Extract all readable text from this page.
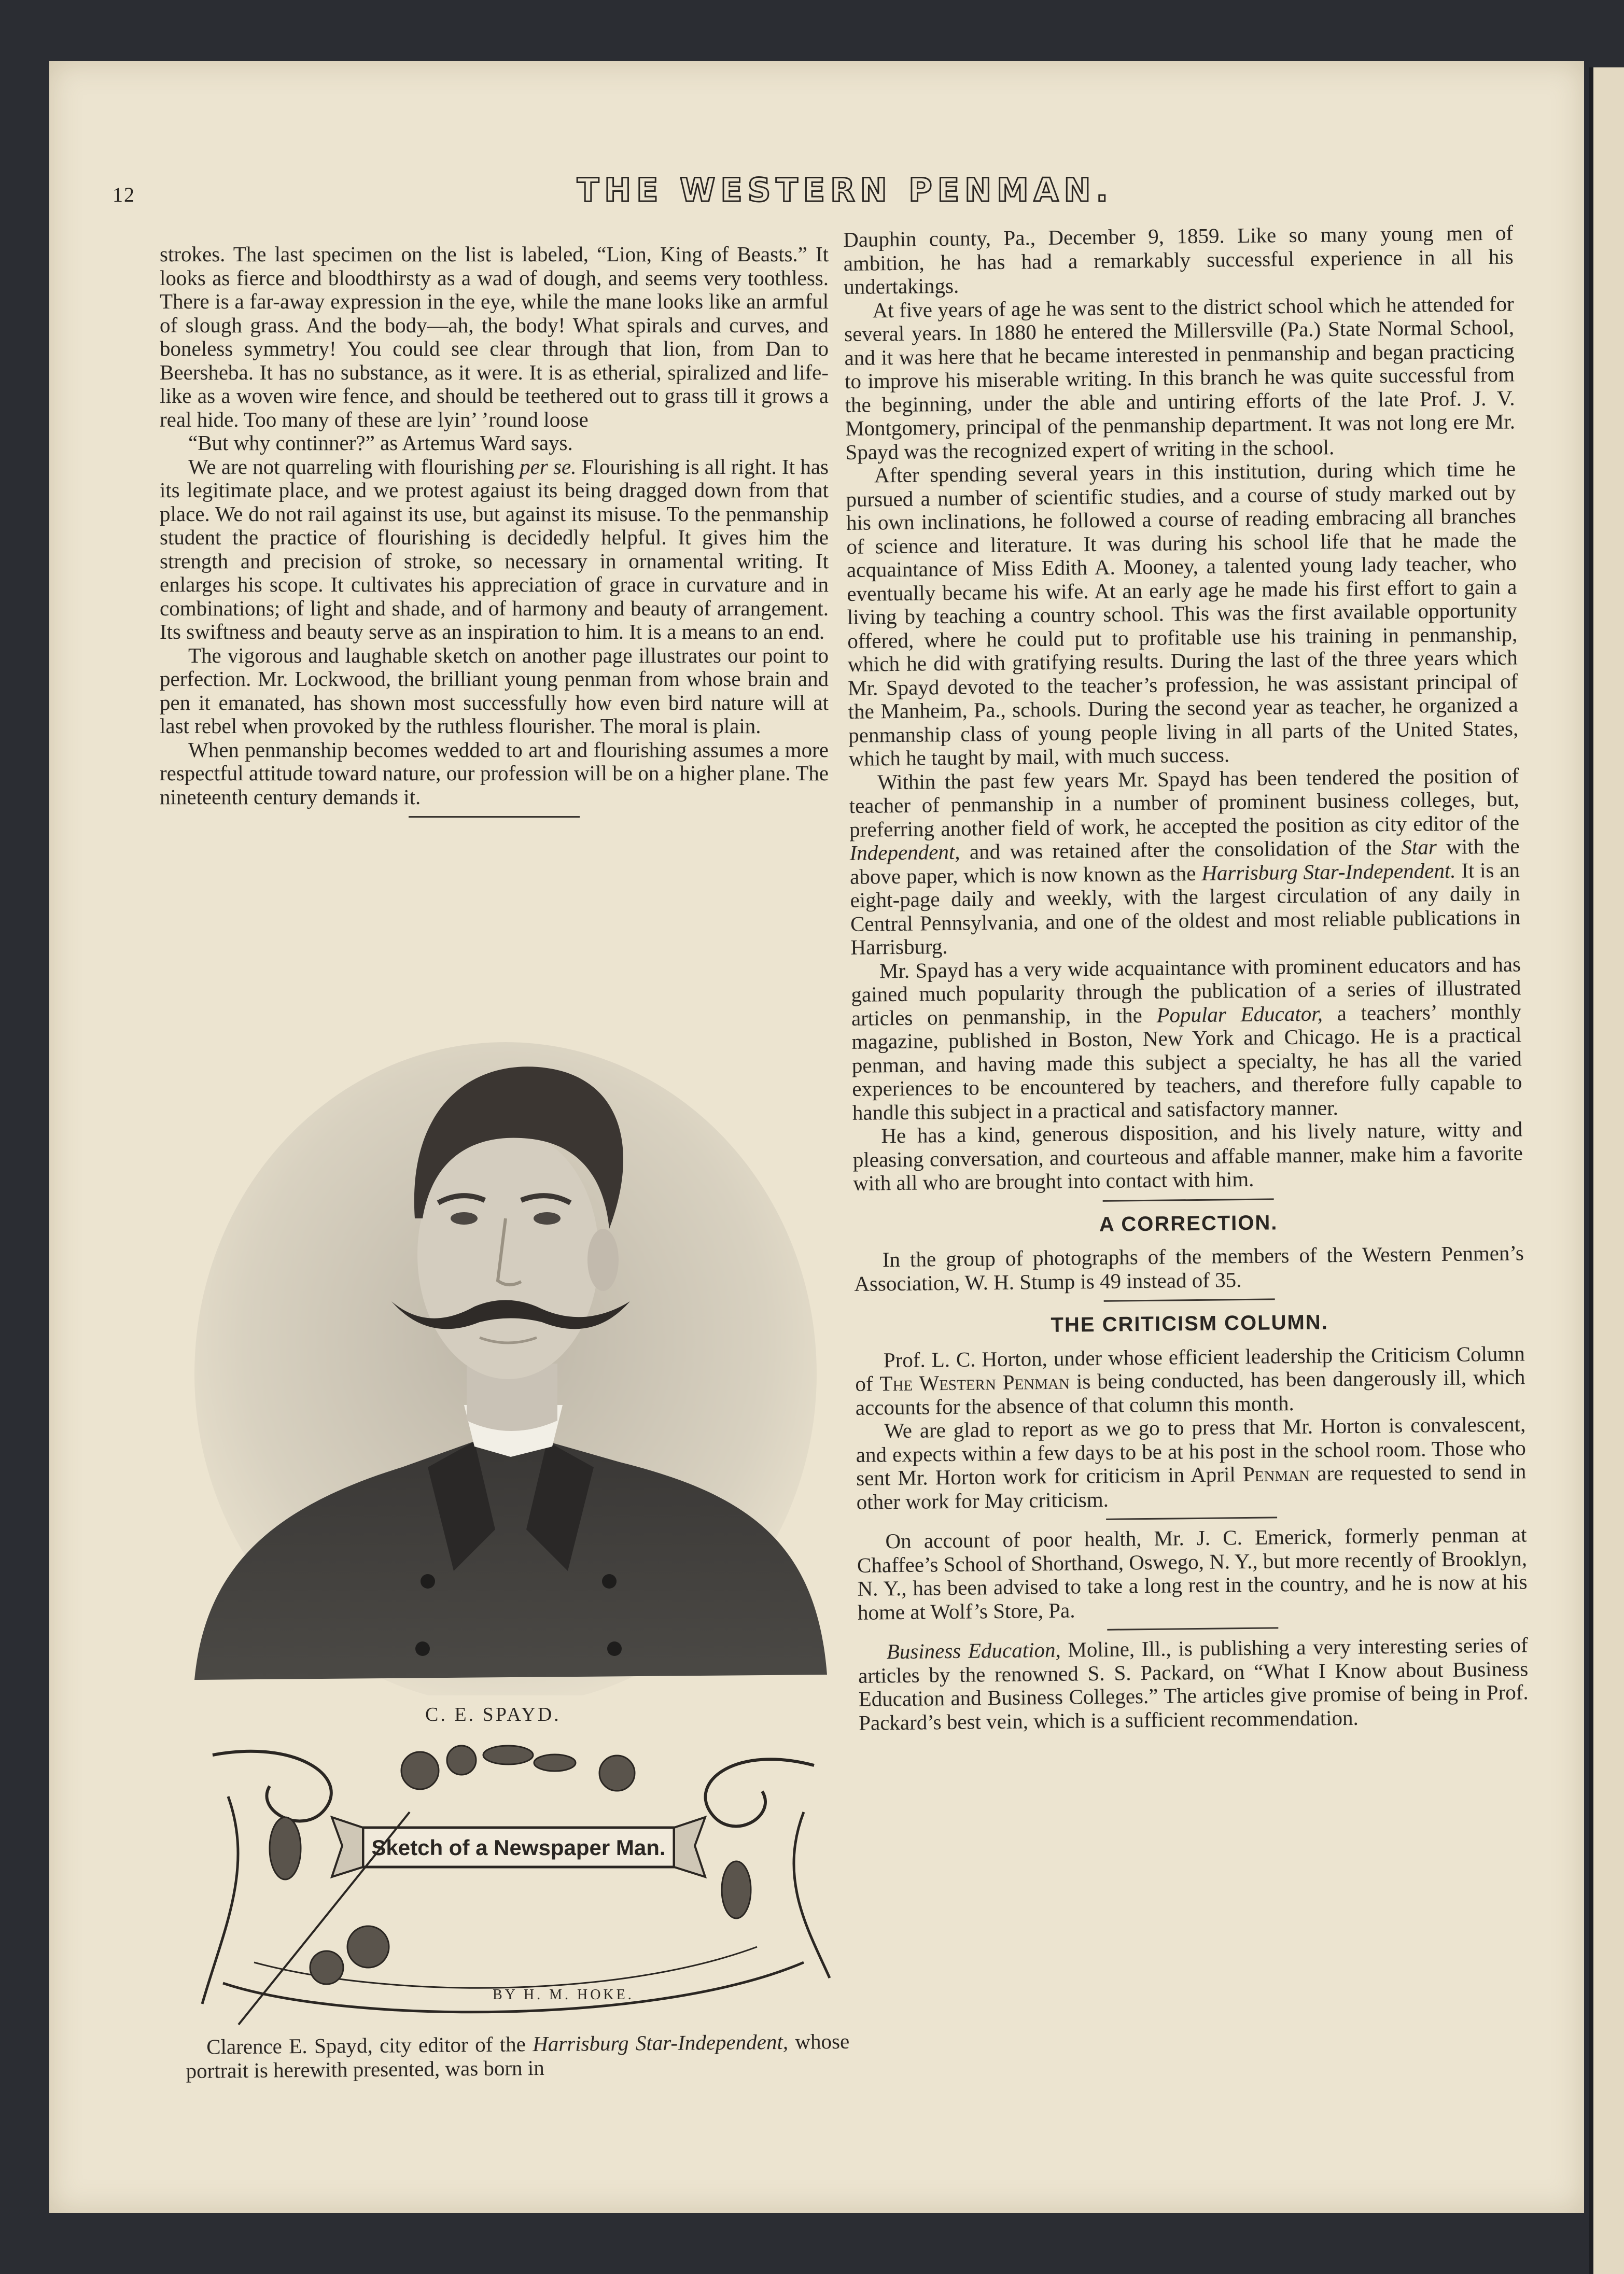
12	THE WESTERN PENMAN.

strokes. The last specimen on the list is labeled, “Lion, King of Beasts.” It looks as fierce and bloodthirsty as a wad of dough, and seems very toothless. There is a far-away expression in the eye, while the mane looks like an armful of slough grass. And the body—ah, the body! What spirals and curves, and boneless symmetry! You could see clear through that lion, from Dan to Beersheba. It has no substance, as it were. It is as etherial, spiralized and life-like as a woven wire fence, and should be teethered out to grass till it grows a real hide. Too many of these are lyin’ ’round loose

“But why continner?” as Artemus Ward says.

We are not quarreling with flourishing per se. Flourishing is all right. It has its legitimate place, and we protest agaiust its being dragged down from that place. We do not rail against its use, but against its misuse. To the penmanship student the practice of flourishing is decidedly helpful. It gives him the strength and precision of stroke, so necessary in ornamental writing. It enlarges his scope. It cultivates his appreciation of grace in curvature and in combinations; of light and shade, and of harmony and beauty of arrangement. Its swiftness and beauty serve as an inspiration to him. It is a means to an end.

The vigorous and laughable sketch on another page illustrates our point to perfection. Mr. Lockwood, the brilliant young penman from whose brain and pen it emanated, has shown most successfully how even bird nature will at last rebel when provoked by the ruthless flourisher. The moral is plain.

When penmanship becomes wedded to art and flourishing assumes a more respectful attitude toward nature, our profession will be on a higher plane. The nineteenth century demands it.

C. E. SPAYD.
Sketch of a Newspaper Man.
BY H. M. HOKE.

Clarence E. Spayd, city editor of the Harrisburg Star-Independent, whose portrait is herewith presented, was born in

Dauphin county, Pa., December 9, 1859. Like so many young men of ambition, he has had a remarkably successful experience in all his undertakings.

At five years of age he was sent to the district school which he attended for several years. In 1880 he entered the Millersville (Pa.) State Normal School, and it was here that he became interested in penmanship and began practicing to improve his miserable writing. In this branch he was quite successful from the beginning, under the able and untiring efforts of the late Prof. J. V. Montgomery, principal of the penmanship department. It was not long ere Mr. Spayd was the recognized expert of writing in the school.

After spending several years in this institution, during which time he pursued a number of scientific studies, and a course of study marked out by his own inclinations, he followed a course of reading embracing all branches of science and literature. It was during his school life that he made the acquaintance of Miss Edith A. Mooney, a talented young lady teacher, who eventually became his wife. At an early age he made his first effort to gain a living by teaching a country school. This was the first available opportunity offered, where he could put to profitable use his training in penmanship, which he did with gratifying results. During the last of the three years which Mr. Spayd devoted to the teacher’s profession, he was assistant principal of the Manheim, Pa., schools. During the second year as teacher, he organized a penmanship class of young people living in all parts of the United States, which he taught by mail, with much success.

Within the past few years Mr. Spayd has been tendered the position of teacher of penmanship in a number of prominent business colleges, but, preferring another field of work, he accepted the position as city editor of the Independent, and was retained after the consolidation of the Star with the above paper, which is now known as the Harrisburg Star-Independent. It is an eight-page daily and weekly, with the largest circulation of any daily in Central Pennsylvania, and one of the oldest and most reliable publications in Harrisburg.

Mr. Spayd has a very wide acquaintance with prominent educators and has gained much popularity through the publication of a series of illustrated articles on penmanship, in the Popular Educator, a teachers’ monthly magazine, published in Boston, New York and Chicago. He is a practical penman, and having made this subject a specialty, he has all the varied experiences to be encountered by teachers, and therefore fully capable to handle this subject in a practical and satisfactory manner.

He has a kind, generous disposition, and his lively nature, witty and pleasing conversation, and courteous and affable manner, make him a favorite with all who are brought into contact with him.

A CORRECTION.

In the group of photographs of the members of the Western Penmen’s Association, W. H. Stump is 49 instead of 35.

THE CRITICISM COLUMN.

Prof. L. C. Horton, under whose efficient leadership the Criticism Column of The Western Penman is being conducted, has been dangerously ill, which accounts for the absence of that column this month.

We are glad to report as we go to press that Mr. Horton is convalescent, and expects within a few days to be at his post in the school room. Those who sent Mr. Horton work for criticism in April Penman are requested to send in other work for May criticism.

On account of poor health, Mr. J. C. Emerick, formerly penman at Chaffee’s School of Shorthand, Oswego, N. Y., but more recently of Brooklyn, N. Y., has been advised to take a long rest in the country, and he is now at his home at Wolf’s Store, Pa.

Business Education, Moline, Ill., is publishing a very interesting series of articles by the renowned S. S. Packard, on “What I Know about Business Education and Business Colleges.” The articles give promise of being in Prof. Packard’s best vein, which is a sufficient recommendation.
